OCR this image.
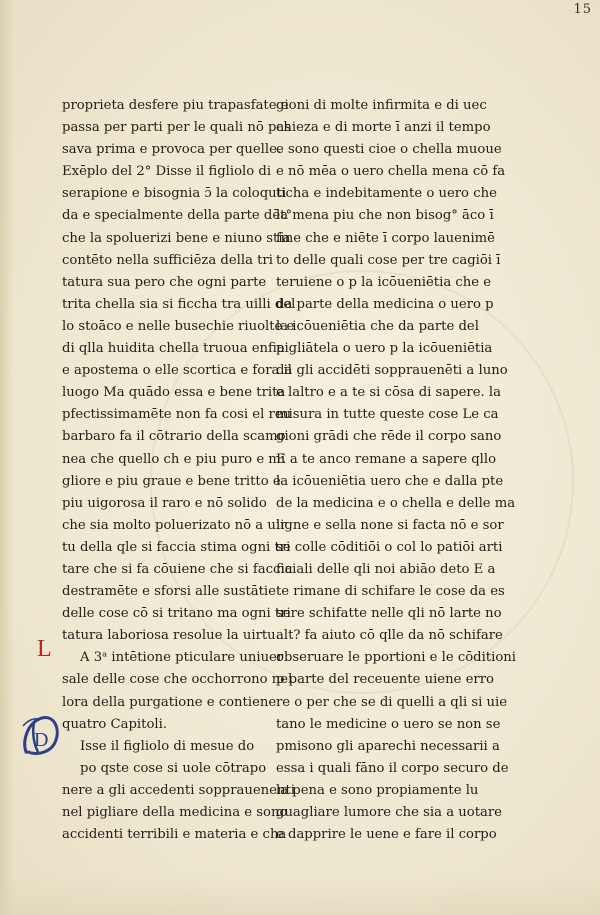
15
L
D
proprieta desfere piu trapasfate e
passa per parti per le quali nō pas
sava prima e provoca per quelle.
Exēplo del 2° Disse il figliolo di
serapione e bisognia ɔ̄ la coloquti
da e specialmente della parte dēt°
che la spoluerizi bene e niuno stia
contēto nella sufficiēza della tri
tatura sua pero che ogni parte
trita chella sia si ficcha tra uilli del
lo stoāco e nelle busechie riuolte e
di qlla huidita chella truoua enfia
e apostema o elle scortica e fora il
luogo Ma quādo essa e bene trita
pfectissimamēte non fa cosi el reu
barbaro fa il cōtrario della scamo
nea che quello ch e piu puro e mi
gliore e piu graue e bene tritto e
piu uigorosa il raro e nō solido
che sia molto poluerizato nō a uir
tu della qle si faccia stima ogni tri
tare che si fa cōuiene che si faccia
destramēte e sforsi alle sustātie
delle cose cō si tritano ma ogni tri
tatura laboriosa resolue la uirtu.
A 3ᵃ intētione pticulare uniuer
sale delle cose che occhorrono nel
lora della purgatione e contiene
quatro Capitoli.
Isse il figliolo di mesue do
po qste cose si uole cōtrapo
nere a gli accedenti sopprauenenti
nel pigliare della medicina e sono
accidenti terribili e materia e cha
gioni di molte infirmita e di uec
chieza e di morte ī anzi il tempo
e sono questi cioe o chella muoue
e nō mēa o uero chella mena cō fa
ticha e indebitamente o uero che
la mena piu che non bisog° āco ī
fine che e niēte ī corpo lauenimē
to delle quali cose per tre cagiōi ī
teruiene o p la icōueniētia che e
da parte della medicina o uero p
la icōueniētia che da parte del
pigliātela o uero p la icōueniētia
da gli accidēti sopprauenēti a luno
e laltro e a te si cōsa di sapere. la
misura in tutte queste cose Le ca
gioni grādi che rēde il corpo sano
E a te anco remane a sapere qllo
la icōueniētia uero che e dalla pte
de la medicina e o chella e delle ma
ligne e sella none si facta nō e sor
se colle cōditiōi o col lo patiōi arti
ficiali delle qli noi abiāo deto E a
te rimane di schifare le cose da es
sere schifatte nelle qli nō larte no
alt? fa aiuto cō qlle da nō schifare
obseruare le pportioni e le cōditioni
p parte del receuente uiene erro
re o per che se di quelli a qli si uie
tano le medicine o uero se non se
pmisono gli aparechi necessarii a
essa i quali fāno il corpo securo de
la pena e sono propiamente lu
guagliare lumore che sia a uotare
e dapprire le uene e fare il corpo
